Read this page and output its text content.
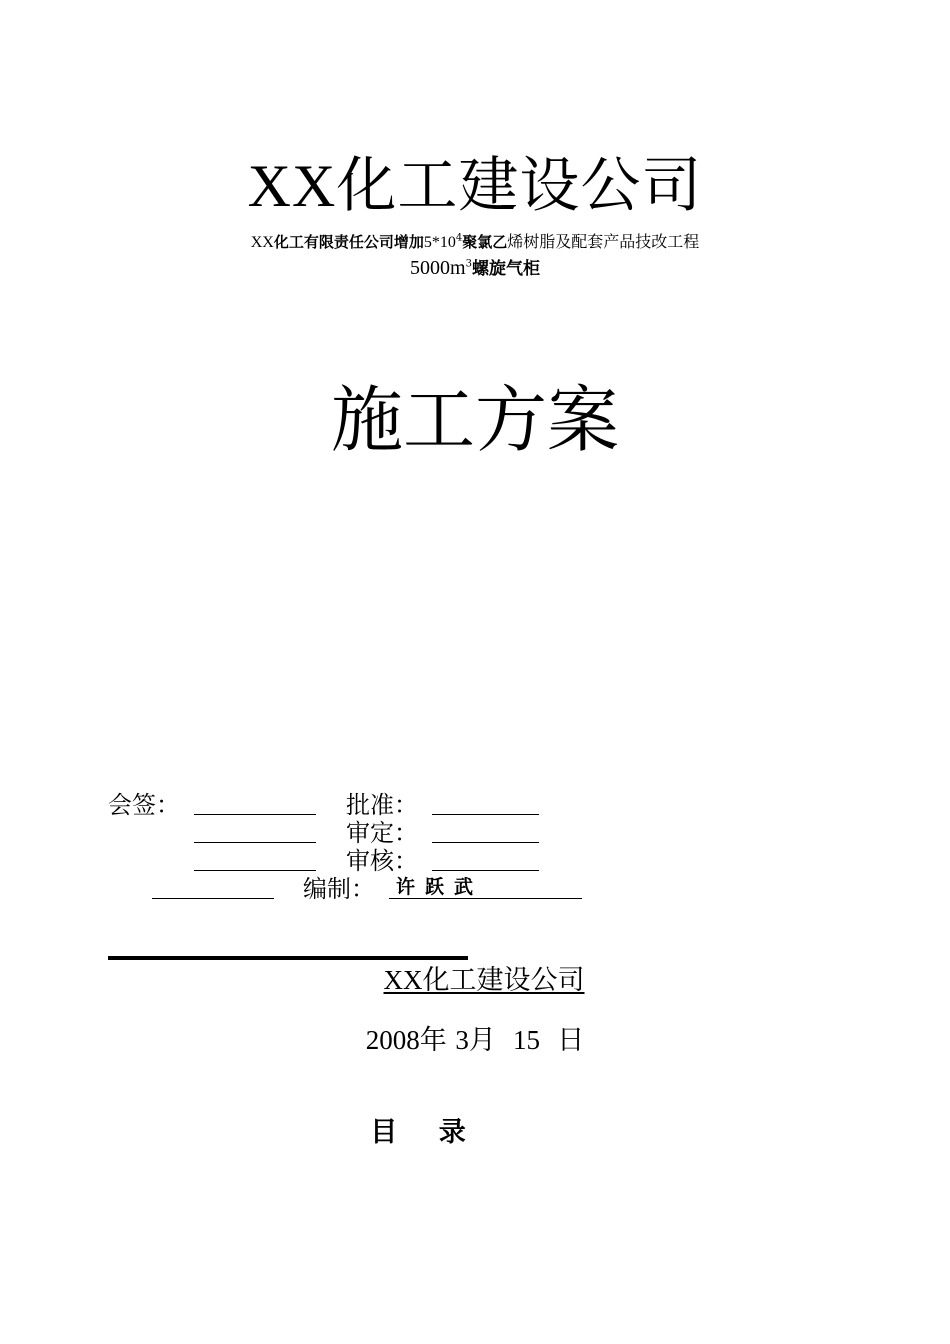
XX化工建设公司
XX化工有限责任公司增加$5*10^4$聚氯乙烯树脂及配套产品技改工程
$5000m^3$螺旋气柜
施工方案
会签：	批准：
审定：
审核：
编制： 许跃武
XX化工建设公司
2008年 3月 15 日
目 录
